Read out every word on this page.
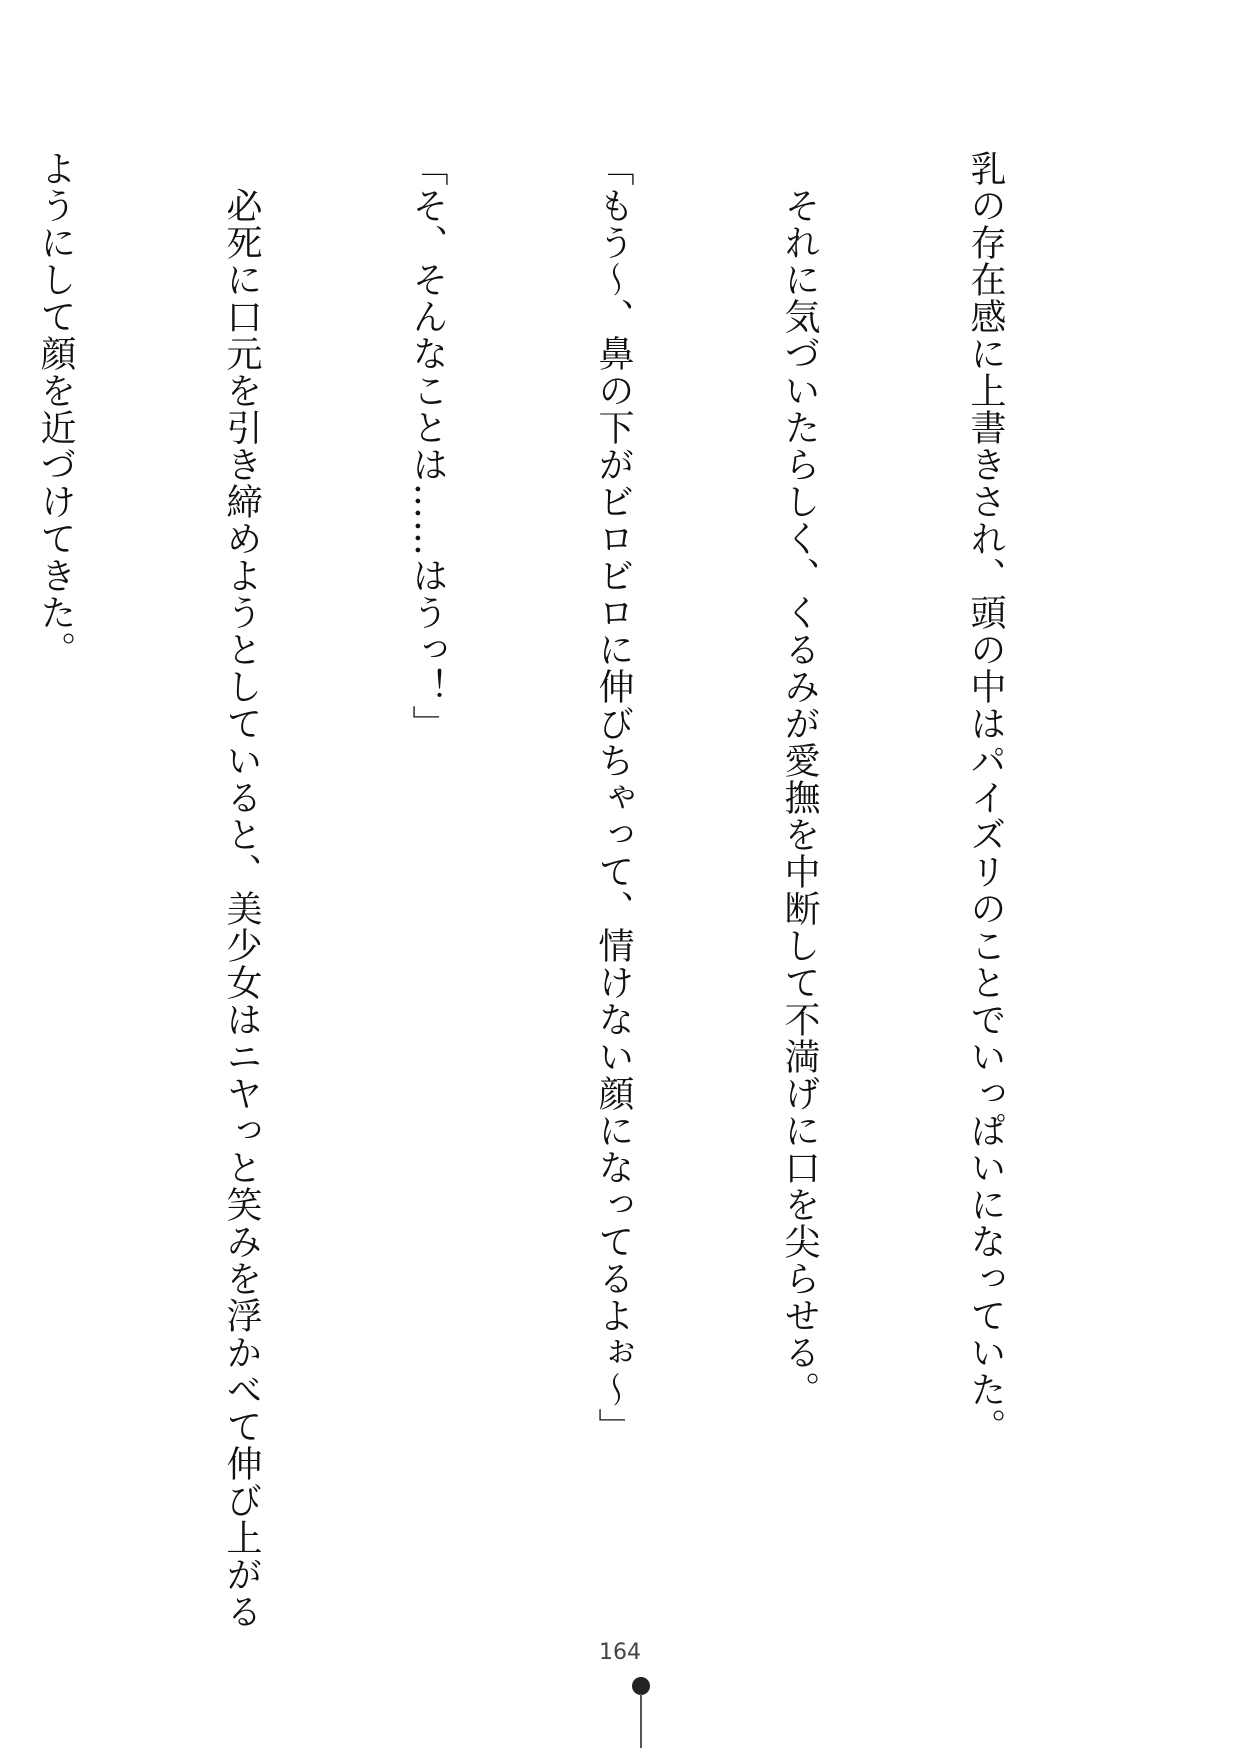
乳の存在感に上書きされ、頭の中はパイズリのことでいっぱいになっていた。

　それに気づいたらしく、くるみが愛撫を中断して不満げに口を尖らせる。

「もう～、鼻の下がビロビロに伸びちゃって、情けない顔になってるよぉ～」

「そ、そんなことは……はうっ！」

　必死に口元を引き締めようとしていると、美少女はニヤっと笑みを浮かべて伸び上がる

ようにして顔を近づけてきた。

164
